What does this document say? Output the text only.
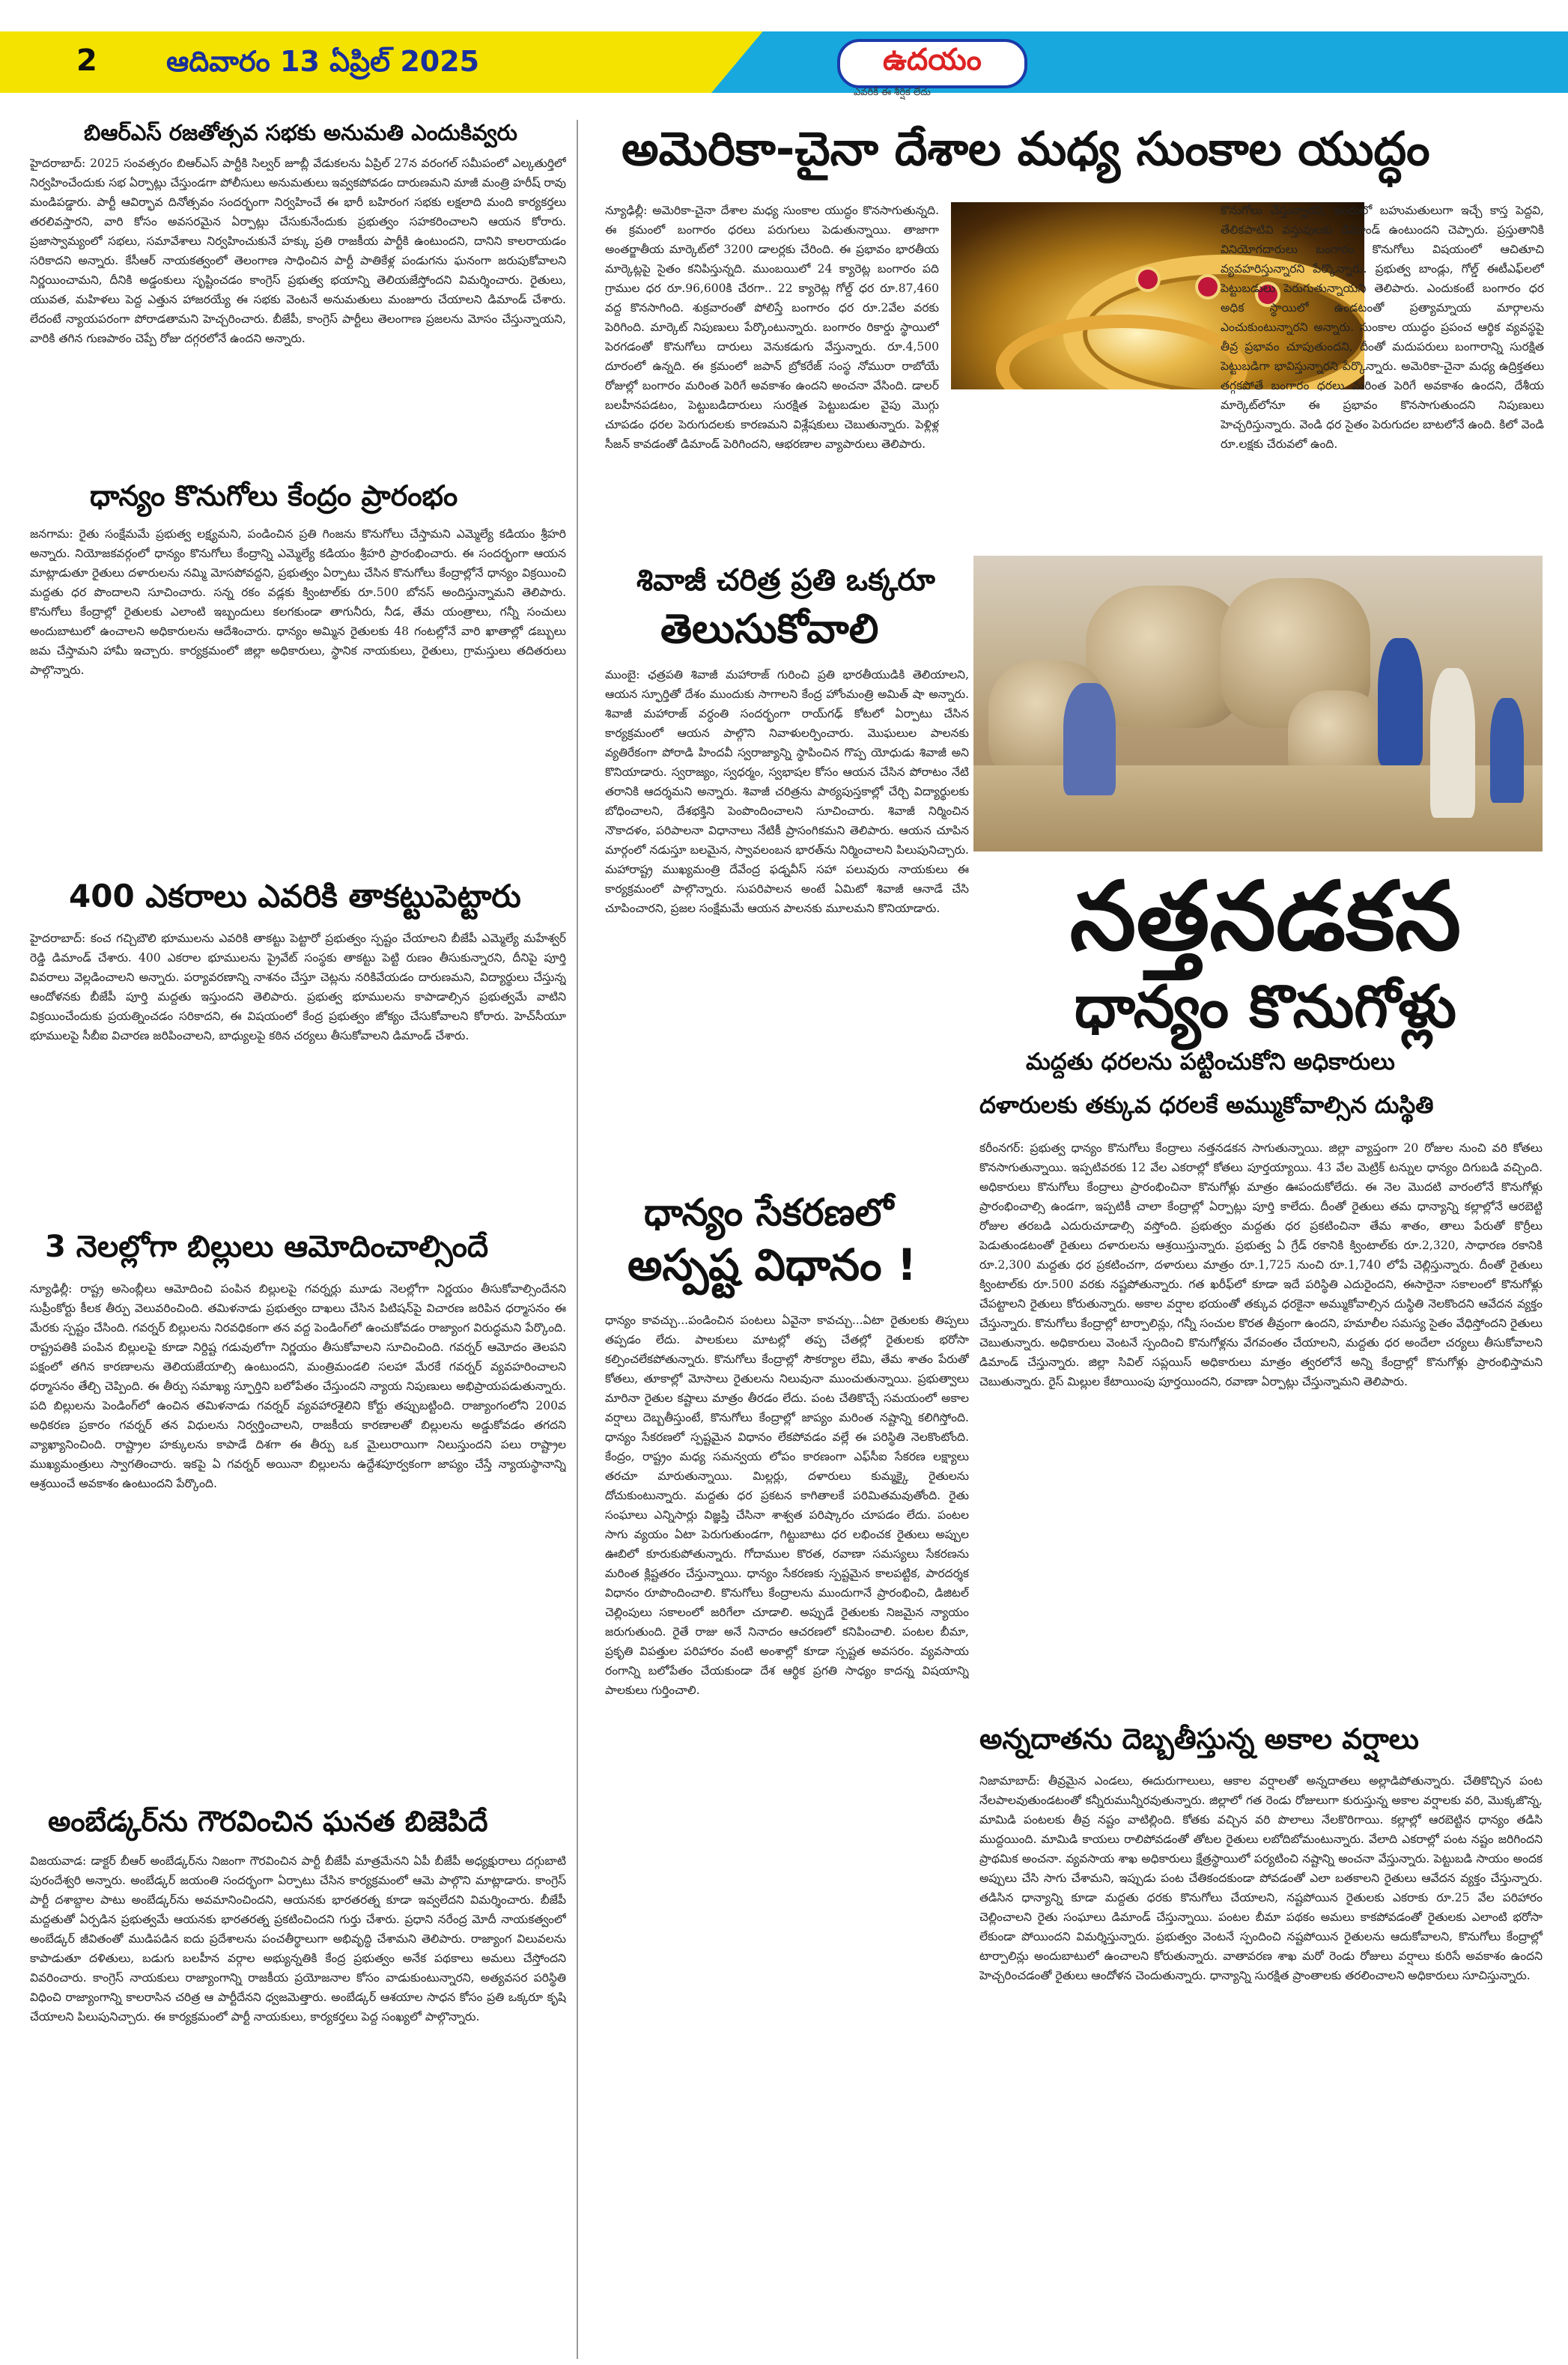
2 ఆదివారం 13 ఏప్రిల్ 2025	ఉదయం
ఎవరికీ ఈ శీర్షిక లేదు
బిఆర్ఎస్ రజతోత్సవ సభకు అనుమతి ఎందుకివ్వరు
హైదరాబాద్: 2025 సంవత్సరం బిఆర్ఎస్ పార్టీకి సిల్వర్ జూబ్లీ వేడుకలను ఏప్రిల్ 27న వరంగల్ సమీపంలో ఎల్కతుర్తిలో నిర్వహించేందుకు సభ ఏర్పాట్లు చేస్తుండగా పోలీసులు అనుమతులు ఇవ్వకపోవడం దారుణమని మాజీ మంత్రి హరీష్ రావు మండిపడ్డారు. పార్టీ ఆవిర్భావ దినోత్సవం సందర్భంగా నిర్వహించే ఈ భారీ బహిరంగ సభకు లక్షలాది మంది కార్యకర్తలు తరలివస్తారని, వారి కోసం అవసరమైన ఏర్పాట్లు చేసుకునేందుకు ప్రభుత్వం సహకరించాలని ఆయన కోరారు. ప్రజాస్వామ్యంలో సభలు, సమావేశాలు నిర్వహించుకునే హక్కు ప్రతి రాజకీయ పార్టీకి ఉంటుందని, దానిని కాలరాయడం సరికాదని అన్నారు. కేసీఆర్ నాయకత్వంలో తెలంగాణ సాధించిన పార్టీ పాతికేళ్ల పండుగను ఘనంగా జరుపుకోవాలని నిర్ణయించామని, దీనికి అడ్డంకులు సృష్టించడం కాంగ్రెస్ ప్రభుత్వ భయాన్ని తెలియజేస్తోందని విమర్శించారు. రైతులు, యువత, మహిళలు పెద్ద ఎత్తున హాజరయ్యే ఈ సభకు వెంటనే అనుమతులు మంజూరు చేయాలని డిమాండ్ చేశారు. లేదంటే న్యాయపరంగా పోరాడతామని హెచ్చరించారు. బీజేపీ, కాంగ్రెస్ పార్టీలు తెలంగాణ ప్రజలను మోసం చేస్తున్నాయని, వారికి తగిన గుణపాఠం చెప్పే రోజు దగ్గరలోనే ఉందని అన్నారు.
ధాన్యం కొనుగోలు కేంద్రం ప్రారంభం
జనగామ: రైతు సంక్షేమమే ప్రభుత్వ లక్ష్యమని, పండించిన ప్రతి గింజను కొనుగోలు చేస్తామని ఎమ్మెల్యే కడియం శ్రీహరి అన్నారు. నియోజకవర్గంలో ధాన్యం కొనుగోలు కేంద్రాన్ని ఎమ్మెల్యే కడియం శ్రీహరి ప్రారంభించారు. ఈ సందర్భంగా ఆయన మాట్లాడుతూ రైతులు దళారులను నమ్మి మోసపోవద్దని, ప్రభుత్వం ఏర్పాటు చేసిన కొనుగోలు కేంద్రాల్లోనే ధాన్యం విక్రయించి మద్దతు ధర పొందాలని సూచించారు. సన్న రకం వడ్లకు క్వింటాల్‌కు రూ.500 బోనస్ అందిస్తున్నామని తెలిపారు. కొనుగోలు కేంద్రాల్లో రైతులకు ఎలాంటి ఇబ్బందులు కలగకుండా తాగునీరు, నీడ, తేమ యంత్రాలు, గన్నీ సంచులు అందుబాటులో ఉంచాలని అధికారులను ఆదేశించారు. ధాన్యం అమ్మిన రైతులకు 48 గంటల్లోనే వారి ఖాతాల్లో డబ్బులు జమ చేస్తామని హామీ ఇచ్చారు. కార్యక్రమంలో జిల్లా అధికారులు, స్థానిక నాయకులు, రైతులు, గ్రామస్తులు తదితరులు పాల్గొన్నారు.
400 ఎకరాలు ఎవరికి తాకట్టుపెట్టారు
హైదరాబాద్: కంచ గచ్చిబౌలి భూములను ఎవరికి తాకట్టు పెట్టారో ప్రభుత్వం స్పష్టం చేయాలని బీజేపీ ఎమ్మెల్యే మహేశ్వర్ రెడ్డి డిమాండ్ చేశారు. 400 ఎకరాల భూములను ప్రైవేట్ సంస్థకు తాకట్టు పెట్టి రుణం తీసుకున్నారని, దీనిపై పూర్తి వివరాలు వెల్లడించాలని అన్నారు. పర్యావరణాన్ని నాశనం చేస్తూ చెట్లను నరికివేయడం దారుణమని, విద్యార్థులు చేస్తున్న ఆందోళనకు బీజేపీ పూర్తి మద్దతు ఇస్తుందని తెలిపారు. ప్రభుత్వ భూములను కాపాడాల్సిన ప్రభుత్వమే వాటిని విక్రయించేందుకు ప్రయత్నించడం సరికాదని, ఈ విషయంలో కేంద్ర ప్రభుత్వం జోక్యం చేసుకోవాలని కోరారు. హెచ్‌సీయూ భూములపై సీబీఐ విచారణ జరిపించాలని, బాధ్యులపై కఠిన చర్యలు తీసుకోవాలని డిమాండ్ చేశారు.
3 నెలల్లోగా బిల్లులు ఆమోదించాల్సిందే
న్యూఢిల్లీ: రాష్ట్ర అసెంబ్లీలు ఆమోదించి పంపిన బిల్లులపై గవర్నర్లు మూడు నెలల్లోగా నిర్ణయం తీసుకోవాల్సిందేనని సుప్రీంకోర్టు కీలక తీర్పు వెలువరించింది. తమిళనాడు ప్రభుత్వం దాఖలు చేసిన పిటిషన్‌పై విచారణ జరిపిన ధర్మాసనం ఈ మేరకు స్పష్టం చేసింది. గవర్నర్ బిల్లులను నిరవధికంగా తన వద్ద పెండింగ్‌లో ఉంచుకోవడం రాజ్యాంగ విరుద్ధమని పేర్కొంది. రాష్ట్రపతికి పంపిన బిల్లులపై కూడా నిర్దిష్ట గడువులోగా నిర్ణయం తీసుకోవాలని సూచించింది. గవర్నర్ ఆమోదం తెలపని పక్షంలో తగిన కారణాలను తెలియజేయాల్సి ఉంటుందని, మంత్రిమండలి సలహా మేరకే గవర్నర్ వ్యవహరించాలని ధర్మాసనం తేల్చి చెప్పింది. ఈ తీర్పు సమాఖ్య స్ఫూర్తిని బలోపేతం చేస్తుందని న్యాయ నిపుణులు అభిప్రాయపడుతున్నారు. పది బిల్లులను పెండింగ్‌లో ఉంచిన తమిళనాడు గవర్నర్ వ్యవహారశైలిని కోర్టు తప్పుబట్టింది. రాజ్యాంగంలోని 200వ అధికరణ ప్రకారం గవర్నర్ తన విధులను నిర్వర్తించాలని, రాజకీయ కారణాలతో బిల్లులను అడ్డుకోవడం తగదని వ్యాఖ్యానించింది. రాష్ట్రాల హక్కులను కాపాడే దిశగా ఈ తీర్పు ఒక మైలురాయిగా నిలుస్తుందని పలు రాష్ట్రాల ముఖ్యమంత్రులు స్వాగతించారు. ఇకపై ఏ గవర్నర్ అయినా బిల్లులను ఉద్దేశపూర్వకంగా జాప్యం చేస్తే న్యాయస్థానాన్ని ఆశ్రయించే అవకాశం ఉంటుందని పేర్కొంది.
అంబేడ్కర్‌ను గౌరవించిన ఘనత బిజెపిదే
విజయవాడ: డాక్టర్ బీఆర్ అంబేడ్కర్‌ను నిజంగా గౌరవించిన పార్టీ బీజేపీ మాత్రమేనని ఏపీ బీజేపీ అధ్యక్షురాలు దగ్గుబాటి పురందేశ్వరి అన్నారు. అంబేడ్కర్ జయంతి సందర్భంగా ఏర్పాటు చేసిన కార్యక్రమంలో ఆమె పాల్గొని మాట్లాడారు. కాంగ్రెస్ పార్టీ దశాబ్దాల పాటు అంబేడ్కర్‌ను అవమానించిందని, ఆయనకు భారతరత్న కూడా ఇవ్వలేదని విమర్శించారు. బీజేపీ మద్దతుతో ఏర్పడిన ప్రభుత్వమే ఆయనకు భారతరత్న ప్రకటించిందని గుర్తు చేశారు. ప్రధాని నరేంద్ర మోదీ నాయకత్వంలో అంబేడ్కర్ జీవితంతో ముడిపడిన ఐదు ప్రదేశాలను పంచతీర్థాలుగా అభివృద్ధి చేశామని తెలిపారు. రాజ్యాంగ విలువలను కాపాడుతూ దళితులు, బడుగు బలహీన వర్గాల అభ్యున్నతికి కేంద్ర ప్రభుత్వం అనేక పథకాలు అమలు చేస్తోందని వివరించారు. కాంగ్రెస్ నాయకులు రాజ్యాంగాన్ని రాజకీయ ప్రయోజనాల కోసం వాడుకుంటున్నారని, అత్యవసర పరిస్థితి విధించి రాజ్యాంగాన్ని కాలరాసిన చరిత్ర ఆ పార్టీదేనని ధ్వజమెత్తారు. అంబేడ్కర్ ఆశయాల సాధన కోసం ప్రతి ఒక్కరూ కృషి చేయాలని పిలుపునిచ్చారు. ఈ కార్యక్రమంలో పార్టీ నాయకులు, కార్యకర్తలు పెద్ద సంఖ్యలో పాల్గొన్నారు.
అమెరికా-చైనా దేశాల మధ్య సుంకాల యుద్ధం
న్యూఢిల్లీ: అమెరికా-చైనా దేశాల మధ్య సుంకాల యుద్ధం కొనసాగుతున్నది. ఈ క్రమంలో బంగారం ధరలు పరుగులు పెడుతున్నాయి. తాజాగా అంతర్జాతీయ మార్కెట్‌లో 3200 డాలర్లకు చేరింది. ఈ ప్రభావం భారతీయ మార్కెట్లపై సైతం కనిపిస్తున్నది. ముంబయిలో 24 క్యారెట్ల బంగారం పది గ్రాముల ధర రూ.96,600కి చేరగా.. 22 క్యారెట్ల గోల్డ్ ధర రూ.87,460 వద్ద కొనసాగింది. శుక్రవారంతో పోలిస్తే బంగారం ధర రూ.2వేల వరకు పెరిగింది. మార్కెట్ నిపుణులు పేర్కొంటున్నారు. బంగారం రికార్డు స్థాయిలో పెరగడంతో కొనుగోలు దారులు వెనుకడుగు వేస్తున్నారు. రూ.4,500 దూరంలో ఉన్నది. ఈ క్రమంలో జపాన్ బ్రోకరేజ్ సంస్థ నోమురా రాబోయే రోజుల్లో బంగారం మరింత పెరిగే అవకాశం ఉందని అంచనా వేసింది. డాలర్ బలహీనపడటం, పెట్టుబడిదారులు సురక్షిత పెట్టుబడుల వైపు మొగ్గు చూపడం ధరల పెరుగుదలకు కారణమని విశ్లేషకులు చెబుతున్నారు. పెళ్లిళ్ల సీజన్ కావడంతో డిమాండ్ పెరిగిందని, ఆభరణాల వ్యాపారులు తెలిపారు.
కొనుగోలు చేస్తున్నారని, ఇందులో బహుమతులుగా ఇచ్చే కాస్త పెద్దవి, తేలికపాటివి వస్తువులకు డిమాండ్ ఉంటుందని చెప్పారు. ప్రస్తుతానికి వినియోగదారులు బంగారం కొనుగోలు విషయంలో ఆచితూచి వ్యవహరిస్తున్నారని పేర్కొన్నారు. ప్రభుత్వ బాండ్లు, గోల్డ్ ఈటీఎఫ్‌లలో పెట్టుబడులు పెరుగుతున్నాయని తెలిపారు. ఎందుకంటే బంగారం ధర అధిక స్థాయిలో ఉండటంతో ప్రత్యామ్నాయ మార్గాలను ఎంచుకుంటున్నారని అన్నారు. సుంకాల యుద్ధం ప్రపంచ ఆర్థిక వ్యవస్థపై తీవ్ర ప్రభావం చూపుతుందని, దీంతో మదుపరులు బంగారాన్ని సురక్షిత పెట్టుబడిగా భావిస్తున్నారని పేర్కొన్నారు. అమెరికా-చైనా మధ్య ఉద్రిక్తతలు తగ్గకపోతే బంగారం ధరలు మరింత పెరిగే అవకాశం ఉందని, దేశీయ మార్కెట్‌లోనూ ఈ ప్రభావం కొనసాగుతుందని నిపుణులు హెచ్చరిస్తున్నారు. వెండి ధర సైతం పెరుగుదల బాటలోనే ఉంది. కిలో వెండి రూ.లక్షకు చేరువలో ఉంది.
శివాజీ చరిత్ర ప్రతి ఒక్కరూ
తెలుసుకోవాలి
ముంబై: ఛత్రపతి శివాజీ మహారాజ్ గురించి ప్రతి భారతీయుడికి తెలియాలని, ఆయన స్ఫూర్తితో దేశం ముందుకు సాగాలని కేంద్ర హోంమంత్రి అమిత్ షా అన్నారు. శివాజీ మహారాజ్ వర్ధంతి సందర్భంగా రాయ్‌గఢ్ కోటలో ఏర్పాటు చేసిన కార్యక్రమంలో ఆయన పాల్గొని నివాళులర్పించారు. మొఘలుల పాలనకు వ్యతిరేకంగా పోరాడి హిందవీ స్వరాజ్యాన్ని స్థాపించిన గొప్ప యోధుడు శివాజీ అని కొనియాడారు. స్వరాజ్యం, స్వధర్మం, స్వభాషల కోసం ఆయన చేసిన పోరాటం నేటి తరానికి ఆదర్శమని అన్నారు. శివాజీ చరిత్రను పాఠ్యపుస్తకాల్లో చేర్చి విద్యార్థులకు బోధించాలని, దేశభక్తిని పెంపొందించాలని సూచించారు. శివాజీ నిర్మించిన నౌకాదళం, పరిపాలనా విధానాలు నేటికీ ప్రాసంగికమని తెలిపారు. ఆయన చూపిన మార్గంలో నడుస్తూ బలమైన, స్వావలంబన భారత్‌ను నిర్మించాలని పిలుపునిచ్చారు. మహారాష్ట్ర ముఖ్యమంత్రి దేవేంద్ర ఫడ్నవీస్ సహా పలువురు నాయకులు ఈ కార్యక్రమంలో పాల్గొన్నారు. సుపరిపాలన అంటే ఏమిటో శివాజీ ఆనాడే చేసి చూపించారని, ప్రజల సంక్షేమమే ఆయన పాలనకు మూలమని కొనియాడారు.	నత్తనడకన
ధాన్యం కొనుగోళ్లు
మద్దతు ధరలను పట్టించుకోని అధికారులు
దళారులకు తక్కువ ధరలకే అమ్ముకోవాల్సిన దుస్థితి
కరీంనగర్: ప్రభుత్వ ధాన్యం కొనుగోలు కేంద్రాలు నత్తనడకన సాగుతున్నాయి. జిల్లా వ్యాప్తంగా 20 రోజుల నుంచి వరి కోతలు కొనసాగుతున్నాయి. ఇప్పటివరకు 12 వేల ఎకరాల్లో కోతలు పూర్తయ్యాయి. 43 వేల మెట్రిక్ టన్నుల ధాన్యం దిగుబడి వచ్చింది. అధికారులు కొనుగోలు కేంద్రాలు ప్రారంభించినా కొనుగోళ్లు మాత్రం ఊపందుకోలేదు. ఈ నెల మొదటి వారంలోనే కొనుగోళ్లు ప్రారంభించాల్సి ఉండగా, ఇప్పటికీ చాలా కేంద్రాల్లో ఏర్పాట్లు పూర్తి కాలేదు. దీంతో రైతులు తమ ధాన్యాన్ని కల్లాల్లోనే ఆరబెట్టి రోజుల తరబడి ఎదురుచూడాల్సి వస్తోంది. ప్రభుత్వం మద్దతు ధర ప్రకటించినా తేమ శాతం, తాలు పేరుతో కొర్రీలు పెడుతుండటంతో రైతులు దళారులను ఆశ్రయిస్తున్నారు. ప్రభుత్వ ఏ గ్రేడ్ రకానికి క్వింటాల్‌కు రూ.2,320, సాధారణ రకానికి రూ.2,300 మద్దతు ధర ప్రకటించగా, దళారులు మాత్రం రూ.1,725 నుంచి రూ.1,740 లోపే చెల్లిస్తున్నారు. దీంతో రైతులు క్వింటాల్‌కు రూ.500 వరకు నష్టపోతున్నారు. గత ఖరీఫ్‌లో కూడా ఇదే పరిస్థితి ఎదురైందని, ఈసారైనా సకాలంలో కొనుగోళ్లు చేపట్టాలని రైతులు కోరుతున్నారు. అకాల వర్షాల భయంతో తక్కువ ధరకైనా అమ్ముకోవాల్సిన దుస్థితి నెలకొందని ఆవేదన వ్యక్తం చేస్తున్నారు. కొనుగోలు కేంద్రాల్లో టార్పాలిన్లు, గన్నీ సంచుల కొరత తీవ్రంగా ఉందని, హమాలీల సమస్య సైతం వేధిస్తోందని రైతులు చెబుతున్నారు. అధికారులు వెంటనే స్పందించి కొనుగోళ్లను వేగవంతం చేయాలని, మద్దతు ధర అందేలా చర్యలు తీసుకోవాలని డిమాండ్ చేస్తున్నారు. జిల్లా సివిల్ సప్లయిస్ అధికారులు మాత్రం త్వరలోనే అన్ని కేంద్రాల్లో కొనుగోళ్లు ప్రారంభిస్తామని చెబుతున్నారు. రైస్ మిల్లుల కేటాయింపు పూర్తయిందని, రవాణా ఏర్పాట్లు చేస్తున్నామని తెలిపారు.
ధాన్యం సేకరణలో
అస్పష్ట విధానం !
ధాన్యం కావచ్చు...పండించిన పంటలు ఏవైనా కావచ్చు...ఏటా రైతులకు తిప్పలు తప్పడం లేదు. పాలకులు మాటల్లో తప్ప చేతల్లో రైతులకు భరోసా కల్పించలేకపోతున్నారు. కొనుగోలు కేంద్రాల్లో సౌకర్యాల లేమి, తేమ శాతం పేరుతో కోతలు, తూకాల్లో మోసాలు రైతులను నిలువునా ముంచుతున్నాయి. ప్రభుత్వాలు మారినా రైతుల కష్టాలు మాత్రం తీరడం లేదు. పంట చేతికొచ్చే సమయంలో అకాల వర్షాలు దెబ్బతీస్తుంటే, కొనుగోలు కేంద్రాల్లో జాప్యం మరింత నష్టాన్ని కలిగిస్తోంది. ధాన్యం సేకరణలో స్పష్టమైన విధానం లేకపోవడం వల్లే ఈ పరిస్థితి నెలకొంటోంది. కేంద్రం, రాష్ట్రం మధ్య సమన్వయ లోపం కారణంగా ఎఫ్‌సీఐ సేకరణ లక్ష్యాలు తరచూ మారుతున్నాయి. మిల్లర్లు, దళారులు కుమ్మక్కై రైతులను దోచుకుంటున్నారు. మద్దతు ధర ప్రకటన కాగితాలకే పరిమితమవుతోంది. రైతు సంఘాలు ఎన్నిసార్లు విజ్ఞప్తి చేసినా శాశ్వత పరిష్కారం చూపడం లేదు. పంటల సాగు వ్యయం ఏటా పెరుగుతుండగా, గిట్టుబాటు ధర లభించక రైతులు అప్పుల ఊబిలో కూరుకుపోతున్నారు. గోదాముల కొరత, రవాణా సమస్యలు సేకరణను మరింత క్లిష్టతరం చేస్తున్నాయి. ధాన్యం సేకరణకు స్పష్టమైన కాలపట్టిక, పారదర్శక విధానం రూపొందించాలి. కొనుగోలు కేంద్రాలను ముందుగానే ప్రారంభించి, డిజిటల్ చెల్లింపులు సకాలంలో జరిగేలా చూడాలి. అప్పుడే రైతులకు నిజమైన న్యాయం జరుగుతుంది. రైతే రాజు అనే నినాదం ఆచరణలో కనిపించాలి. పంటల బీమా, ప్రకృతి విపత్తుల పరిహారం వంటి అంశాల్లో కూడా స్పష్టత అవసరం. వ్యవసాయ రంగాన్ని బలోపేతం చేయకుండా దేశ ఆర్థిక ప్రగతి సాధ్యం కాదన్న విషయాన్ని పాలకులు గుర్తించాలి.
అన్నదాతను దెబ్బతీస్తున్న అకాల వర్షాలు
నిజామాబాద్: తీవ్రమైన ఎండలు, ఈదురుగాలులు, ఆకాల వర్షాలతో అన్నదాతలు అల్లాడిపోతున్నారు. చేతికొచ్చిన పంట నేలపాలవుతుండటంతో కన్నీరుమున్నీరవుతున్నారు. జిల్లాలో గత రెండు రోజులుగా కురుస్తున్న అకాల వర్షాలకు వరి, మొక్కజొన్న, మామిడి పంటలకు తీవ్ర నష్టం వాటిల్లింది. కోతకు వచ్చిన వరి పొలాలు నేలకొరిగాయి. కల్లాల్లో ఆరబెట్టిన ధాన్యం తడిసి ముద్దయింది. మామిడి కాయలు రాలిపోవడంతో తోటల రైతులు లబోదిబోమంటున్నారు. వేలాది ఎకరాల్లో పంట నష్టం జరిగిందని ప్రాథమిక అంచనా. వ్యవసాయ శాఖ అధికారులు క్షేత్రస్థాయిలో పర్యటించి నష్టాన్ని అంచనా వేస్తున్నారు. పెట్టుబడి సాయం అందక అప్పులు చేసి సాగు చేశామని, ఇప్పుడు పంట చేతికందకుండా పోవడంతో ఎలా బతకాలని రైతులు ఆవేదన వ్యక్తం చేస్తున్నారు. తడిసిన ధాన్యాన్ని కూడా మద్దతు ధరకు కొనుగోలు చేయాలని, నష్టపోయిన రైతులకు ఎకరాకు రూ.25 వేల పరిహారం చెల్లించాలని రైతు సంఘాలు డిమాండ్ చేస్తున్నాయి. పంటల బీమా పథకం అమలు కాకపోవడంతో రైతులకు ఎలాంటి భరోసా లేకుండా పోయిందని విమర్శిస్తున్నారు. ప్రభుత్వం వెంటనే స్పందించి నష్టపోయిన రైతులను ఆదుకోవాలని, కొనుగోలు కేంద్రాల్లో టార్పాలిన్లు అందుబాటులో ఉంచాలని కోరుతున్నారు. వాతావరణ శాఖ మరో రెండు రోజులు వర్షాలు కురిసే అవకాశం ఉందని హెచ్చరించడంతో రైతులు ఆందోళన చెందుతున్నారు. ధాన్యాన్ని సురక్షిత ప్రాంతాలకు తరలించాలని అధికారులు సూచిస్తున్నారు.
